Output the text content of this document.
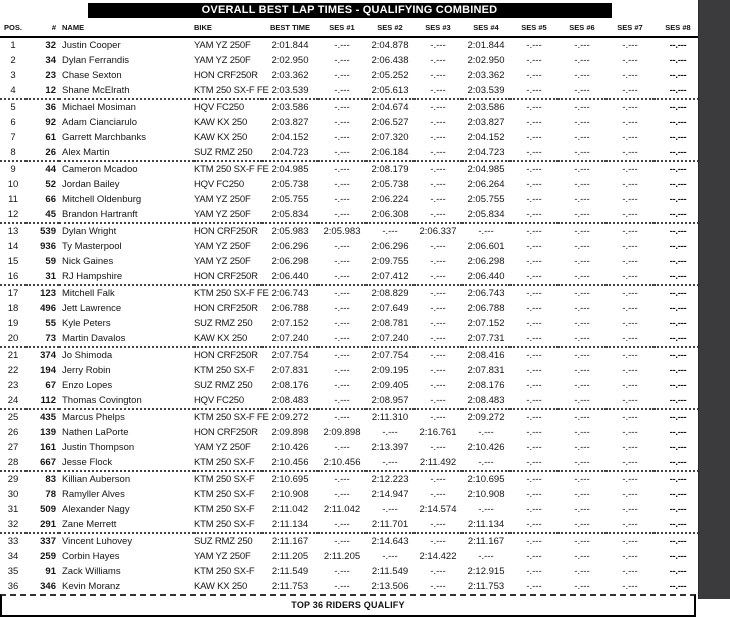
OVERALL BEST LAP TIMES - QUALIFYING COMBINED
POS.	#	NAME	BIKE	BEST TIME	SES #1	SES #2	SES #3	SES #4	SES #5	SES #6	SES #7	SES #8
1	32	Justin Cooper	YAM YZ 250F	2:01.844	-.---	2:04.878	-.---	2:01.844	-.---	-.---	-.---	--.---
2	34	Dylan Ferrandis	YAM YZ 250F	2:02.950	-.---	2:06.438	-.---	2:02.950	-.---	-.---	-.---	--.---
3	23	Chase Sexton	HON CRF250R	2:03.362	-.---	2:05.252	-.---	2:03.362	-.---	-.---	-.---	--.---
4	12	Shane McElrath	KTM 250 SX-F FE	2:03.539	-.---	2:05.613	-.---	2:03.539	-.---	-.---	-.---	--.---
5	36	Michael Mosiman	HQV FC250	2:03.586	-.---	2:04.674	-.---	2:03.586	-.---	-.---	-.---	--.---
6	92	Adam Cianciarulo	KAW KX 250	2:03.827	-.---	2:06.527	-.---	2:03.827	-.---	-.---	-.---	--.---
7	61	Garrett Marchbanks	KAW KX 250	2:04.152	-.---	2:07.320	-.---	2:04.152	-.---	-.---	-.---	--.---
8	26	Alex Martin	SUZ RMZ 250	2:04.723	-.---	2:06.184	-.---	2:04.723	-.---	-.---	-.---	--.---
9	44	Cameron Mcadoo	KTM 250 SX-F FE	2:04.985	-.---	2:08.179	-.---	2:04.985	-.---	-.---	-.---	--.---
10	52	Jordan Bailey	HQV FC250	2:05.738	-.---	2:05.738	-.---	2:06.264	-.---	-.---	-.---	--.---
11	66	Mitchell Oldenburg	YAM YZ 250F	2:05.755	-.---	2:06.224	-.---	2:05.755	-.---	-.---	-.---	--.---
12	45	Brandon Hartranft	YAM YZ 250F	2:05.834	-.---	2:06.308	-.---	2:05.834	-.---	-.---	-.---	--.---
13	539	Dylan Wright	HON CRF250R	2:05.983	2:05.983	-.---	2:06.337	-.---	-.---	-.---	-.---	--.---
14	936	Ty Masterpool	YAM YZ 250F	2:06.296	-.---	2:06.296	-.---	2:06.601	-.---	-.---	-.---	--.---
15	59	Nick Gaines	YAM YZ 250F	2:06.298	-.---	2:09.755	-.---	2:06.298	-.---	-.---	-.---	--.---
16	31	RJ Hampshire	HON CRF250R	2:06.440	-.---	2:07.412	-.---	2:06.440	-.---	-.---	-.---	--.---
17	123	Mitchell Falk	KTM 250 SX-F FE	2:06.743	-.---	2:08.829	-.---	2:06.743	-.---	-.---	-.---	--.---
18	496	Jett Lawrence	HON CRF250R	2:06.788	-.---	2:07.649	-.---	2:06.788	-.---	-.---	-.---	--.---
19	55	Kyle Peters	SUZ RMZ 250	2:07.152	-.---	2:08.781	-.---	2:07.152	-.---	-.---	-.---	--.---
20	73	Martin Davalos	KAW KX 250	2:07.240	-.---	2:07.240	-.---	2:07.731	-.---	-.---	-.---	--.---
21	374	Jo Shimoda	HON CRF250R	2:07.754	-.---	2:07.754	-.---	2:08.416	-.---	-.---	-.---	--.---
22	194	Jerry Robin	KTM 250 SX-F	2:07.831	-.---	2:09.195	-.---	2:07.831	-.---	-.---	-.---	--.---
23	67	Enzo Lopes	SUZ RMZ 250	2:08.176	-.---	2:09.405	-.---	2:08.176	-.---	-.---	-.---	--.---
24	112	Thomas Covington	HQV FC250	2:08.483	-.---	2:08.957	-.---	2:08.483	-.---	-.---	-.---	--.---
25	435	Marcus Phelps	KTM 250 SX-F FE	2:09.272	-.---	2:11.310	-.---	2:09.272	-.---	-.---	-.---	--.---
26	139	Nathen LaPorte	HON CRF250R	2:09.898	2:09.898	-.---	2:16.761	-.---	-.---	-.---	-.---	--.---
27	161	Justin Thompson	YAM YZ 250F	2:10.426	-.---	2:13.397	-.---	2:10.426	-.---	-.---	-.---	--.---
28	667	Jesse Flock	KTM 250 SX-F	2:10.456	2:10.456	-.---	2:11.492	-.---	-.---	-.---	-.---	--.---
29	83	Killian Auberson	KTM 250 SX-F	2:10.695	-.---	2:12.223	-.---	2:10.695	-.---	-.---	-.---	--.---
30	78	Ramyller Alves	KTM 250 SX-F	2:10.908	-.---	2:14.947	-.---	2:10.908	-.---	-.---	-.---	--.---
31	509	Alexander Nagy	KTM 250 SX-F	2:11.042	2:11.042	-.---	2:14.574	-.---	-.---	-.---	-.---	--.---
32	291	Zane Merrett	KTM 250 SX-F	2:11.134	-.---	2:11.701	-.---	2:11.134	-.---	-.---	-.---	--.---
33	337	Vincent Luhovey	SUZ RMZ 250	2:11.167	-.---	2:14.643	-.---	2:11.167	-.---	-.---	-.---	--.---
34	259	Corbin Hayes	YAM YZ 250F	2:11.205	2:11.205	-.---	2:14.422	-.---	-.---	-.---	-.---	--.---
35	91	Zack Williams	KTM 250 SX-F	2:11.549	-.---	2:11.549	-.---	2:12.915	-.---	-.---	-.---	--.---
36	346	Kevin Moranz	KAW KX 250	2:11.753	-.---	2:13.506	-.---	2:11.753	-.---	-.---	-.---	--.---
TOP 36 RIDERS QUALIFY
